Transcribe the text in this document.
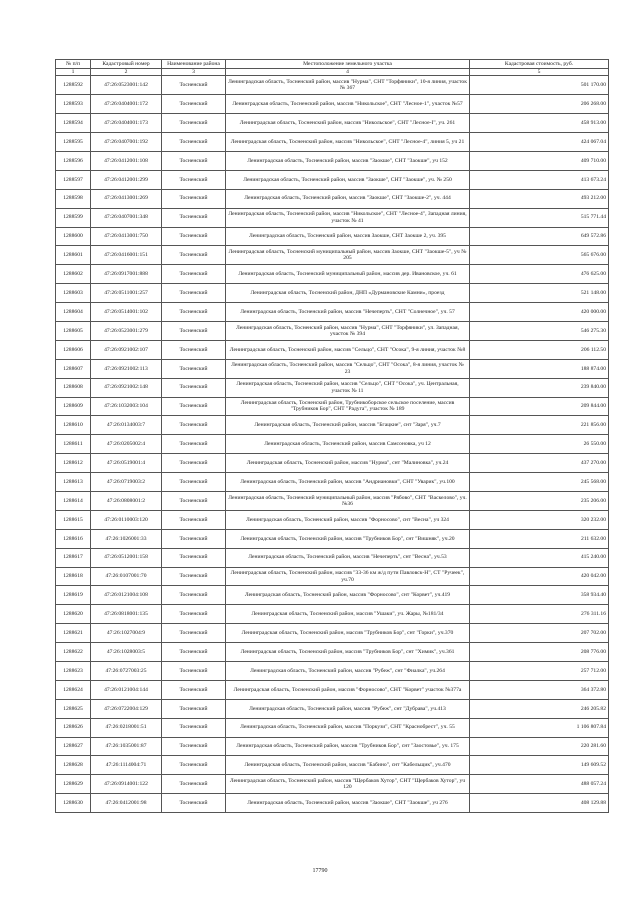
№ п/п	Кадастровый номер	Наименование района	Местоположение земельного участка	Кадастровая стоимость, руб.
1	2	3	4	5
1288592	47:26:0523001:142	Тосненский	Ленинградская область, Тосненский район, массив "Нурма", СНТ "Торфяники", 10-я линия, участок № 367	501 170.00
1288593	47:26:0404001:172	Тосненский	Ленинградская область, Тосненский район, массив "Никольское", СНТ "Лесное-1", участок №57	206 268.00
1288594	47:26:0404001:173	Тосненский	Ленинградская область, Тосненский район, массив "Никольское", СНТ "Лесное-I", уч. 261	458 913.00
1288595	47:26:0407001:192	Тосненский	Ленинградская область, Тосненский район, массив "Никольское", СНТ "Лесное-4", линия 5, уч 21	424 067.04
1288596	47:26:0412001:108	Тосненский	Ленинградская область, Тосненский район, массив "Заокше", СНТ "Заокше", уч 152	409 710.00
1288597	47:26:0412001:299	Тосненский	Ленинградская область, Тосненский район, массив "Заокше", СНТ "Заокше", уч. № 250	413 673.24
1288598	47:26:0413001:269	Тосненский	Ленинградская область, Тосненский район, массив "Заокше", СНТ "Заокше-2", уч. 444	493 212.00
1288599	47:26:0407001:348	Тосненский	Ленинградская область, Тосненский район, массив "Никольское", СНТ "Лесное-4", Западная линия, участок № 41	515 771.44
1288600	47:26:0413001:750	Тосненский	Ленинградская область, Тосненский район, массив Заокше, СНТ Заокше 2, уч. 395	649 572.86
1288601	47:26:0416001:151	Тосненский	Ленинградская область, Тосненский муниципальный район, массив Заокше, СНТ "Заокше-5", уч № 205	565 676.00
1288602	47:26:0917001:888	Тосненский	Ленинградская область, Тосненский муниципальный район, массив дер. Ивановское, уч. 61	476 625.00
1288603	47:26:0511001:257	Тосненский	Ленинградская область, Тосненский район, ДНП «Дурмановские Камни», проезд	521 148.00
1288604	47:26:0514001:102	Тосненский	Ленинградская область, Тосненский район, массив "Нечеперть", СНТ "Солнечное", уч. 57	420 000.00
1288605	47:26:0523001:279	Тосненский	Ленинградская область, Тосненский район, массив "Нурма", СНТ "Торфяники", ул. Западная, участок № 394	546 275.30
1288606	47:26:0921002:107	Тосненский	Ленинградская область, Тосненский район, массив "Сельцо", СНТ "Осока", 9-я линия, участок №8	206 112.50
1288607	47:26:0921002:113	Тосненский	Ленинградская область, Тосненский район, массив "Сельцо", СНТ "Осока", 8-я линия, участок № 23	188 874.00
1288608	47:26:0921002:148	Тосненский	Ленинградская область, Тосненский район, массив "Сельцо", СНТ "Осока", уч. Центральная, участок № 11	239 840.00
1288609	47:26:1032003:104	Тосненский	Ленинградская область, Тосненский район, Трубникоборское сельское поселение, массив "Трубников Бор", СНТ "Радуга", участок № 189	209 844.00
1288610	47:26:0134003:7	Тосненский	Ленинградская область, Тосненский район, массив "Бгацкие", снт "Заря", уч.7	221 856.00
1288611	47:26:0205002:4	Тосненский	Ленинградская область, Тосненский район, массив Самсоновка, уч 12	26 550.00
1288612	47:26:0519001:4	Тосненский	Ленинградская область, Тосненский район, массив "Нурма", снт "Малиновка", уч.24	437 270.00
1288613	47:26:0719003:2	Тосненский	Ленинградская область, Тосненский район, массив "Андриановки", СНТ "Уварик", уч.100	245 568.00
1288614	47:26:0808001:2	Тосненский	Ленинградская область, Тосненский муниципальный район, массив "Рябово", СНТ "Васкелово", уч. №36	235 206.00
1288615	47:26:0110003:120	Тосненский	Ленинградская область, Тосненский район, массив "Форносово", снт "Весна", уч 324	320 232.00
1288616	47:26:1026001:33	Тосненский	Ленинградская область, Тосненский район, массив "Трубников Бор", снт "Вишняк", уч.20	211 632.00
1288617	47:26:0512001:158	Тосненский	Ленинградская область, Тосненский район, массив "Нечеперть", снт "Весна", уч.53	415 240.00
1288618	47:26:0107001:70	Тосненский	Ленинградская область, Тосненский район, массив "33-36 км ж/д пути Павловск-Н", СТ "Ручеек", уч.70	420 042.00
1288619	47:26:0121004:108	Тосненский	Ленинградская область, Тосненский район, массив "Форносово", снт "Корвет", уч.419	358 934.40
1288620	47:26:0818001:135	Тосненский	Ленинградская область, Тосненский район, массив "Ушаки", уч. Жары, №181/34	276 311.16
1288621	47:26:1027004:9	Тосненский	Ленинградская область, Тосненский район, массив "Трубников Бор", снт "Горки", уч.370	207 702.00
1288622	47:26:1028003:5	Тосненский	Ленинградская область, Тосненский район, массив "Трубников Бор", снт "Химик", уч.361	208 776.00
1288623	47:26:0727003:25	Тосненский	Ленинградская область, Тосненский район, массив "Рубеж", снт "Фиалка", уч.264	257 712.00
1288624	47:26:0121004:144	Тосненский	Ленинградская область, Тосненский район, массив "Форносово", СНТ "Корвет" участок №377а	364 372.80
1288625	47:26:0722004:129	Тосненский	Ленинградская область, Тосненский район, массив "Рубеж", снт "Дубрава", уч.413	246 205.82
1288626	47:26:0218001:51	Тосненский	Ленинградская область, Тосненский район, массив "Поркузи", СНТ "Краснобрест", уч. 55	1 106 807.84
1288627	47:26:1035001:87	Тосненский	Ленинградская область, Тосненский район, массив "Трубников Бор", снт "Заостовье", уч. 175	220 281.60
1288628	47:26:1114004:71	Тосненский	Ленинградская область, Тосненский район, массив "Бабино", снт "Кабельщик", уч.470	149 609.52
1288629	47:26:0914001:122	Тосненский	Ленинградская область, Тосненский район, массив "Щербаков Хутор", СНТ "Щербаков Хутор", уч 120	488 057.24
1288630	47:26:0412001:98	Тосненский	Ленинградская область, Тосненский район, массив "Заокше", СНТ "Заокше", уч 276	408 129.88
17790
